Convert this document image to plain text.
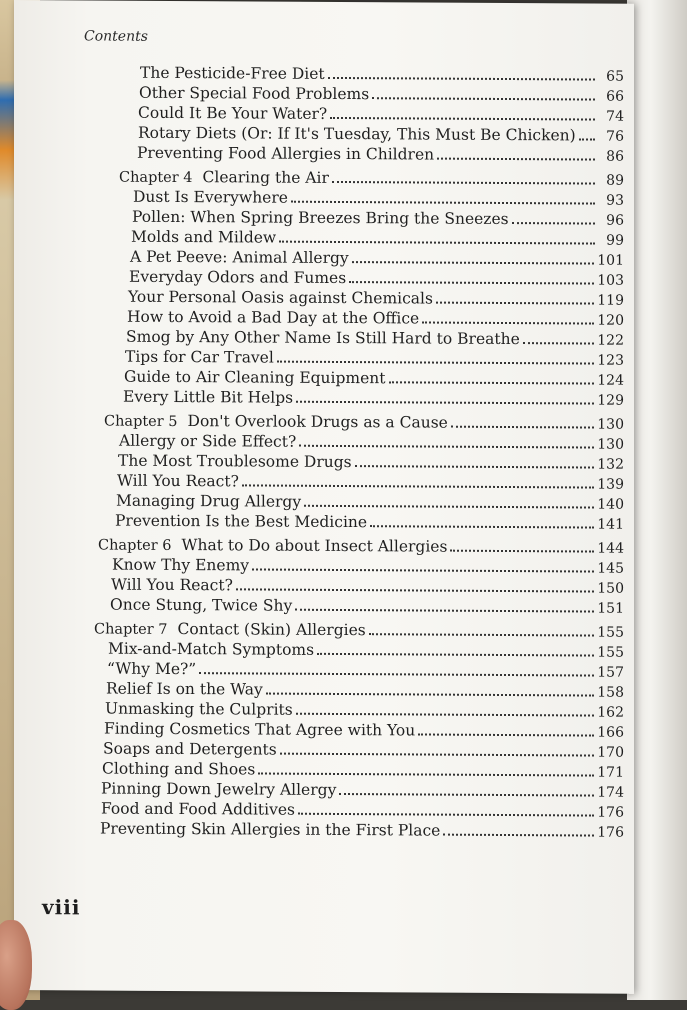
Contents
The Pesticide-Free Diet	65
Other Special Food Problems	66
Could It Be Your Water?	74
Rotary Diets (Or: If It's Tuesday, This Must Be Chicken)	76
Preventing Food Allergies in Children	86
Chapter 4 Clearing the Air	89
Dust Is Everywhere	93
Pollen: When Spring Breezes Bring the Sneezes	96
Molds and Mildew	99
A Pet Peeve: Animal Allergy	101
Everyday Odors and Fumes	103
Your Personal Oasis against Chemicals	119
How to Avoid a Bad Day at the Office	120
Smog by Any Other Name Is Still Hard to Breathe	122
Tips for Car Travel	123
Guide to Air Cleaning Equipment	124
Every Little Bit Helps	129
Chapter 5 Don't Overlook Drugs as a Cause	130
Allergy or Side Effect?	130
The Most Troublesome Drugs	132
Will You React?	139
Managing Drug Allergy	140
Prevention Is the Best Medicine	141
Chapter 6 What to Do about Insect Allergies	144
Know Thy Enemy	145
Will You React?	150
Once Stung, Twice Shy	151
Chapter 7 Contact (Skin) Allergies	155
Mix-and-Match Symptoms	155
“Why Me?”	157
Relief Is on the Way	158
Unmasking the Culprits	162
Finding Cosmetics That Agree with You	166
Soaps and Detergents	170
Clothing and Shoes	171
Pinning Down Jewelry Allergy	174
Food and Food Additives	176
Preventing Skin Allergies in the First Place	176
viii
